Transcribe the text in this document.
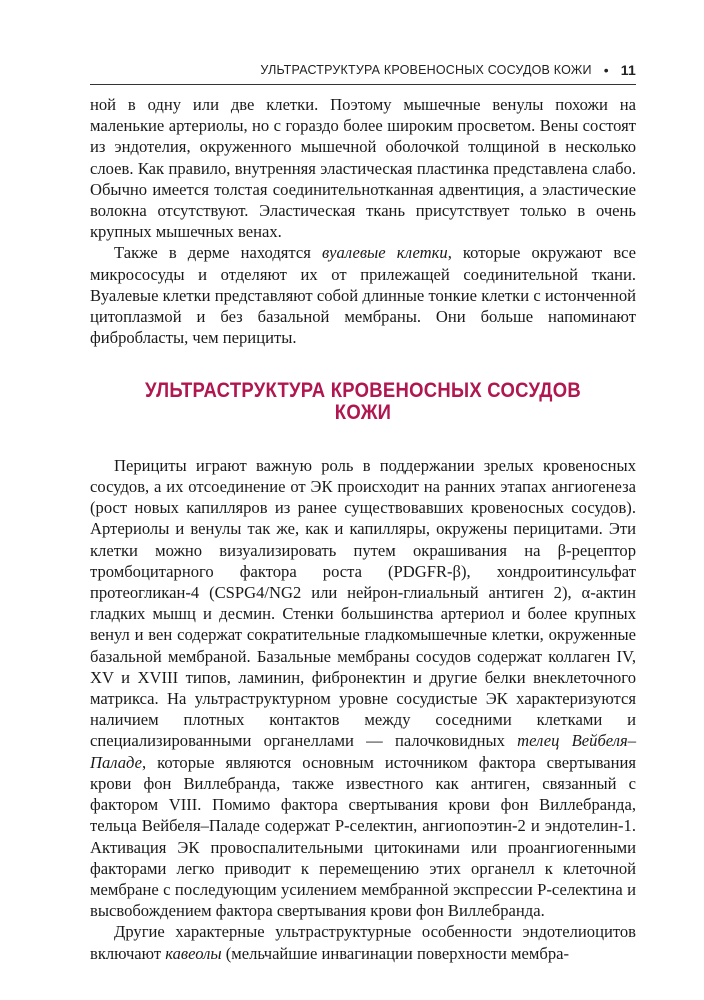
УЛЬТРАСТРУКТУРА КРОВЕНОСНЫХ СОСУДОВ КОЖИ • 11

ной в одну или две клетки. Поэтому мышечные венулы похожи на маленькие артериолы, но с гораздо более широким просветом. Вены состоят из эндотелия, окруженного мышечной оболочкой толщиной в несколько слоев. Как правило, внутренняя эластическая пластинка представлена слабо. Обычно имеется толстая соединительнотканная адвентиция, а эластические волокна отсутствуют. Эластическая ткань присутствует только в очень крупных мышечных венах.

Также в дерме находятся вуалевые клетки, которые окружают все микрососуды и отделяют их от прилежащей соединительной ткани. Вуалевые клетки представляют собой длинные тонкие клетки с истонченной цитоплазмой и без базальной мембраны. Они больше напоминают фибробласты, чем перициты.

УЛЬТРАСТРУКТУРА КРОВЕНОСНЫХ СОСУДОВ КОЖИ

Перициты играют важную роль в поддержании зрелых кровеносных сосудов, а их отсоединение от ЭК происходит на ранних этапах ангиогенеза (рост новых капилляров из ранее существовавших кровеносных сосудов). Артериолы и венулы так же, как и капилляры, окружены перицитами. Эти клетки можно визуализировать путем окрашивания на β-рецептор тромбоцитарного фактора роста (PDGFR-β), хондроитинсульфат протеогликан-4 (CSPG4/NG2 или нейрон-глиальный антиген 2), α-актин гладких мышц и десмин. Стенки большинства артериол и более крупных венул и вен содержат сократительные гладкомышечные клетки, окруженные базальной мембраной. Базальные мембраны сосудов содержат коллаген IV, XV и XVIII типов, ламинин, фибронектин и другие белки внеклеточного матрикса. На ультраструктурном уровне сосудистые ЭК характеризуются наличием плотных контактов между соседними клетками и специализированными органеллами — палочковидных телец Вейбеля–Паладе, которые являются основным источником фактора свертывания крови фон Виллебранда, также известного как антиген, связанный с фактором VIII. Помимо фактора свертывания крови фон Виллебранда, тельца Вейбеля–Паладе содержат P-селектин, ангиопоэтин-2 и эндотелин-1. Активация ЭК провоспалительными цитокинами или проангиогенными факторами легко приводит к перемещению этих органелл к клеточной мембране с последующим усилением мембранной экспрессии P-селектина и высвобождением фактора свертывания крови фон Виллебранда.

Другие характерные ультраструктурные особенности эндотелиоцитов включают кавеолы (мельчайшие инвагинации поверхности мембра-
